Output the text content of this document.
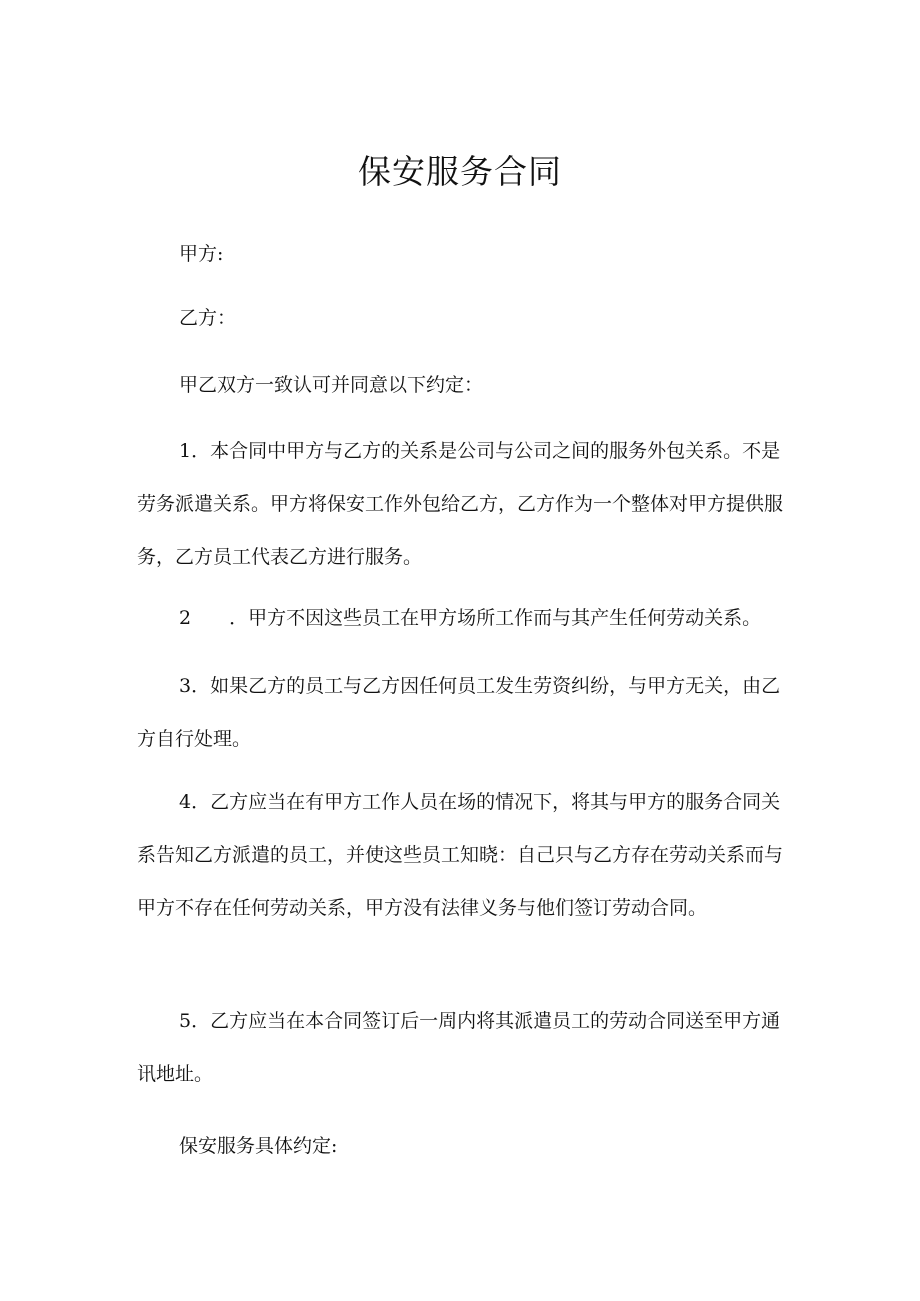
保安服务合同
甲方:
乙方：
甲乙双方一致认可并同意以下约定：
1．本合同中甲方与乙方的关系是公司与公司之间的服务外包关系。不是劳务派遣关系。甲方将保安工作外包给乙方，乙方作为一个整体对甲方提供服务，乙方员工代表乙方进行服务。
2　　．甲方不因这些员工在甲方场所工作而与其产生任何劳动关系。
3．如果乙方的员工与乙方因任何员工发生劳资纠纷，与甲方无关，由乙方自行处理。
4．乙方应当在有甲方工作人员在场的情况下，将其与甲方的服务合同关系告知乙方派遣的员工，并使这些员工知晓：自己只与乙方存在劳动关系而与甲方不存在任何劳动关系，甲方没有法律义务与他们签订劳动合同。
5．乙方应当在本合同签订后一周内将其派遣员工的劳动合同送至甲方通讯地址。
保安服务具体约定:
